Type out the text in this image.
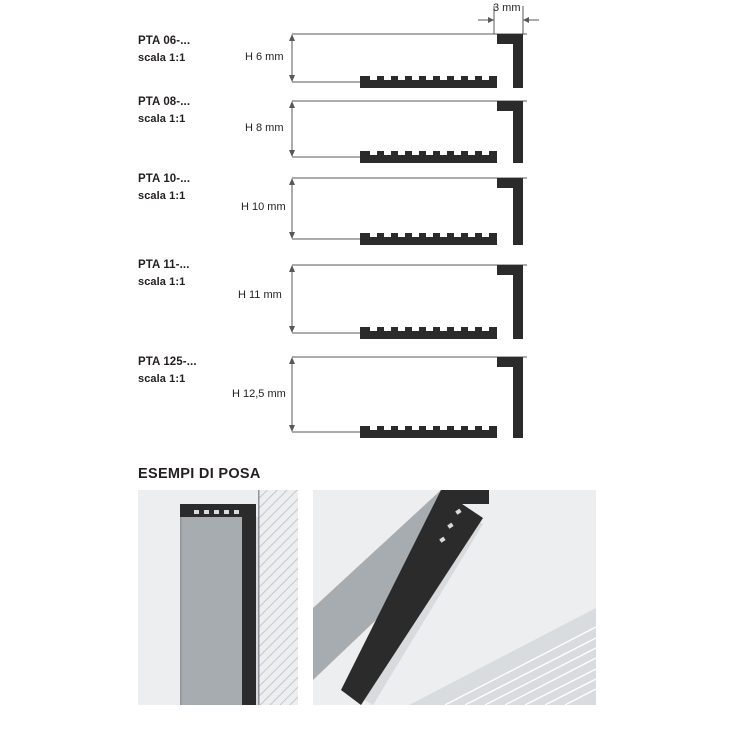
3 mm
PTA 06-...
scala 1:1	H 6 mm
PTA 08-...
scala 1:1
H 8 mm
PTA 10-...
scala 1:1
H 10 mm
PTA 11-...
scala 1:1
H 11 mm
PTA 125-...
scala 1:1
H 12,5 mm
ESEMPI DI POSA
